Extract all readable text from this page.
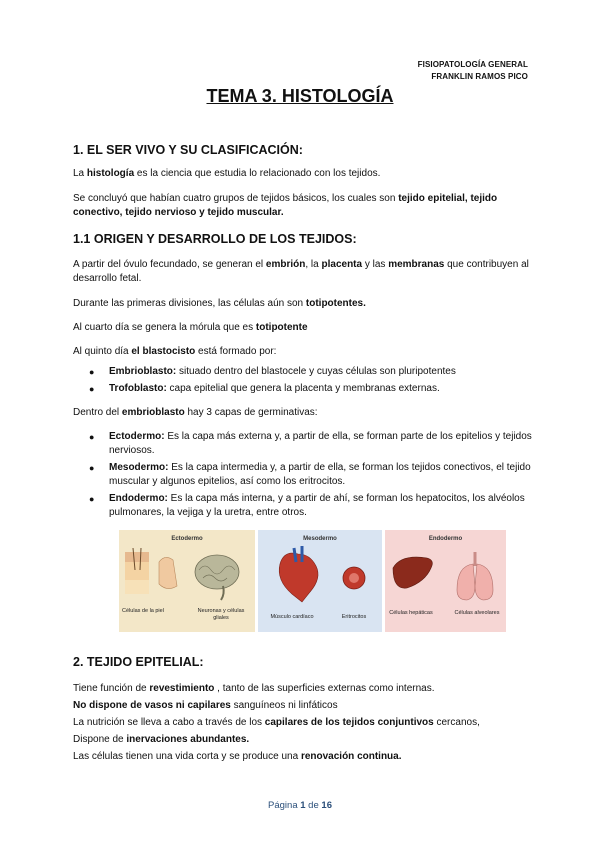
FISIOPATOLOGÍA GENERAL
FRANKLIN RAMOS PICO
TEMA 3. HISTOLOGÍA
1. EL SER VIVO Y SU CLASIFICACIÓN:
La histología es la ciencia que estudia lo relacionado con los tejidos.
Se concluyó que habían cuatro grupos de tejidos básicos, los cuales son tejido epitelial, tejido conectivo, tejido nervioso y tejido muscular.
1.1 ORIGEN Y DESARROLLO DE LOS TEJIDOS:
A partir del óvulo fecundado, se generan el embrión, la placenta y las membranas que contribuyen al desarrollo fetal.
Durante las primeras divisiones, las células aún son totipotentes.
Al cuarto día se genera la mórula que es totipotente
Al quinto día el blastocisto está formado por:
● Embrioblasto: situado dentro del blastocele y cuyas células son pluripotentes
● Trofoblasto: capa epitelial que genera la placenta y membranas externas.
Dentro del embrioblasto hay 3 capas de germinativas:
● Ectodermo: Es la capa más externa y, a partir de ella, se forman parte de los epitelios y tejidos nerviosos.
● Mesodermo: Es la capa intermedia y, a partir de ella, se forman los tejidos conectivos, el tejido muscular y algunos epitelios, así como los eritrocitos.
● Endodermo: Es la capa más interna, y a partir de ahí, se forman los hepatocitos, los alvéolos pulmonares, la vejiga y la uretra, entre otros.
Ectodermo
Células de la piel	Neuronas y células gliales
Mesodermo
Músculo cardíaco	Eritrocitos
Endodermo
Células hepáticas	Células alveolares
2. TEJIDO EPITELIAL:
Tiene función de revestimiento , tanto de las superficies externas como internas.
No dispone de vasos ni capilares sanguíneos ni linfáticos
La nutrición se lleva a cabo a través de los capilares de los tejidos conjuntivos cercanos,
Dispone de inervaciones abundantes.
Las células tienen una vida corta y se produce una renovación continua.
Página 1 de 16
